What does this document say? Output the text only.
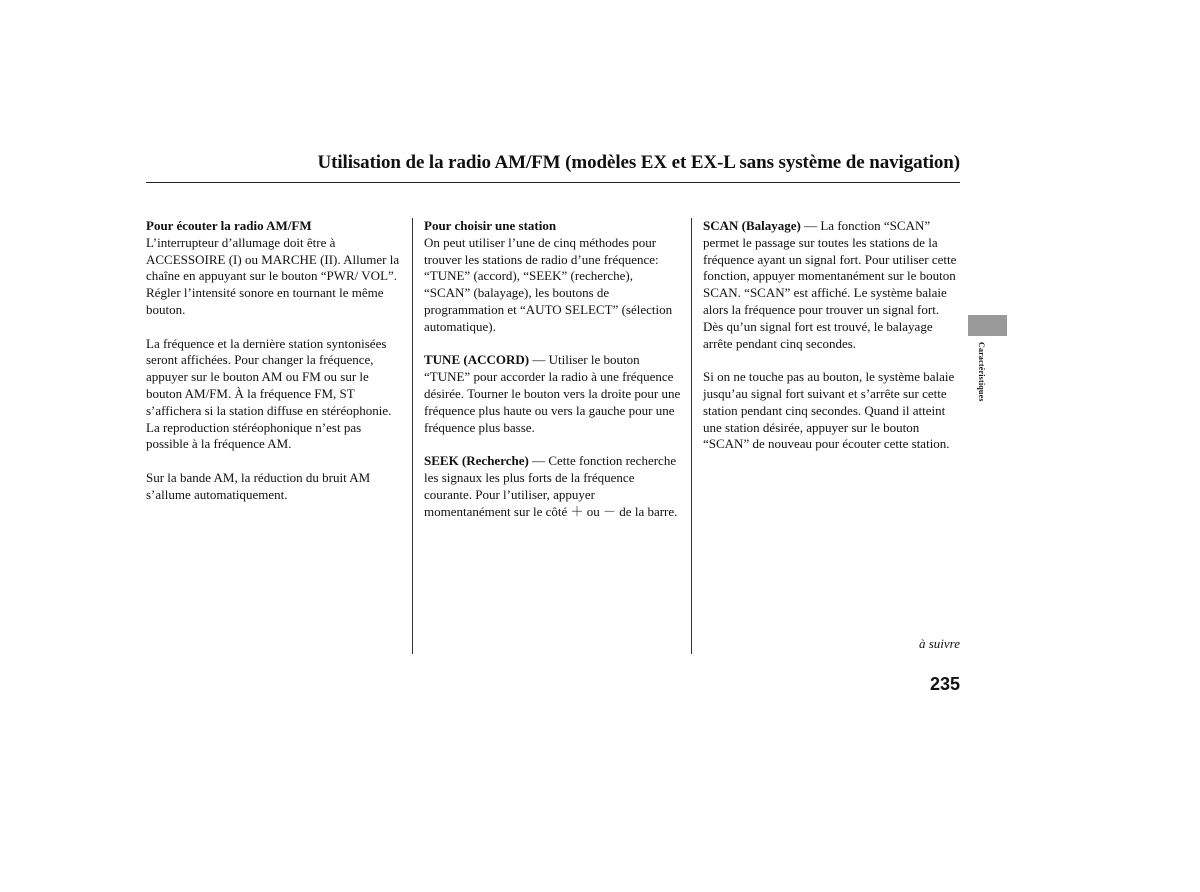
Utilisation de la radio AM/FM (modèles EX et EX-L sans système de navigation)
Pour écouter la radio AM/FM

L’interrupteur d’allumage doit être à ACCESSOIRE (I) ou MARCHE (II). Allumer la chaîne en appuyant sur le bouton “PWR/ VOL”. Régler l’intensité sonore en tournant le même bouton.

La fréquence et la dernière station syntonisées seront affichées. Pour changer la fréquence, appuyer sur le bouton AM ou FM ou sur le bouton AM/FM. À la fréquence FM, ST s’affichera si la station diffuse en stéréophonie. La reproduction stéréophonique n’est pas possible à la fréquence AM.

Sur la bande AM, la réduction du bruit AM s’allume automatiquement.

Pour choisir une station

On peut utiliser l’une de cinq méthodes pour trouver les stations de radio d’une fréquence: “TUNE” (accord), “SEEK” (recherche), “SCAN” (balayage), les boutons de programmation et “AUTO SELECT” (sélection automatique).

TUNE (ACCORD) — Utiliser le bouton “TUNE” pour accorder la radio à une fréquence désirée. Tourner le bouton vers la droite pour une fréquence plus haute ou vers la gauche pour une fréquence plus basse.

SEEK (Recherche) — Cette fonction recherche les signaux les plus forts de la fréquence courante. Pour l’utiliser, appuyer momentanément sur le côté ＋ ou － de la barre.

SCAN (Balayage) — La fonction “SCAN” permet le passage sur toutes les stations de la fréquence ayant un signal fort. Pour utiliser cette fonction, appuyer momentanément sur le bouton SCAN. “SCAN” est affiché. Le système balaie alors la fréquence pour trouver un signal fort. Dès qu’un signal fort est trouvé, le balayage arrête pendant cinq secondes.

Si on ne touche pas au bouton, le système balaie jusqu’au signal fort suivant et s’arrête sur cette station pendant cinq secondes. Quand il atteint une station désirée, appuyer sur le bouton “SCAN” de nouveau pour écouter cette station.

Caractéristiques
à suivre
235
